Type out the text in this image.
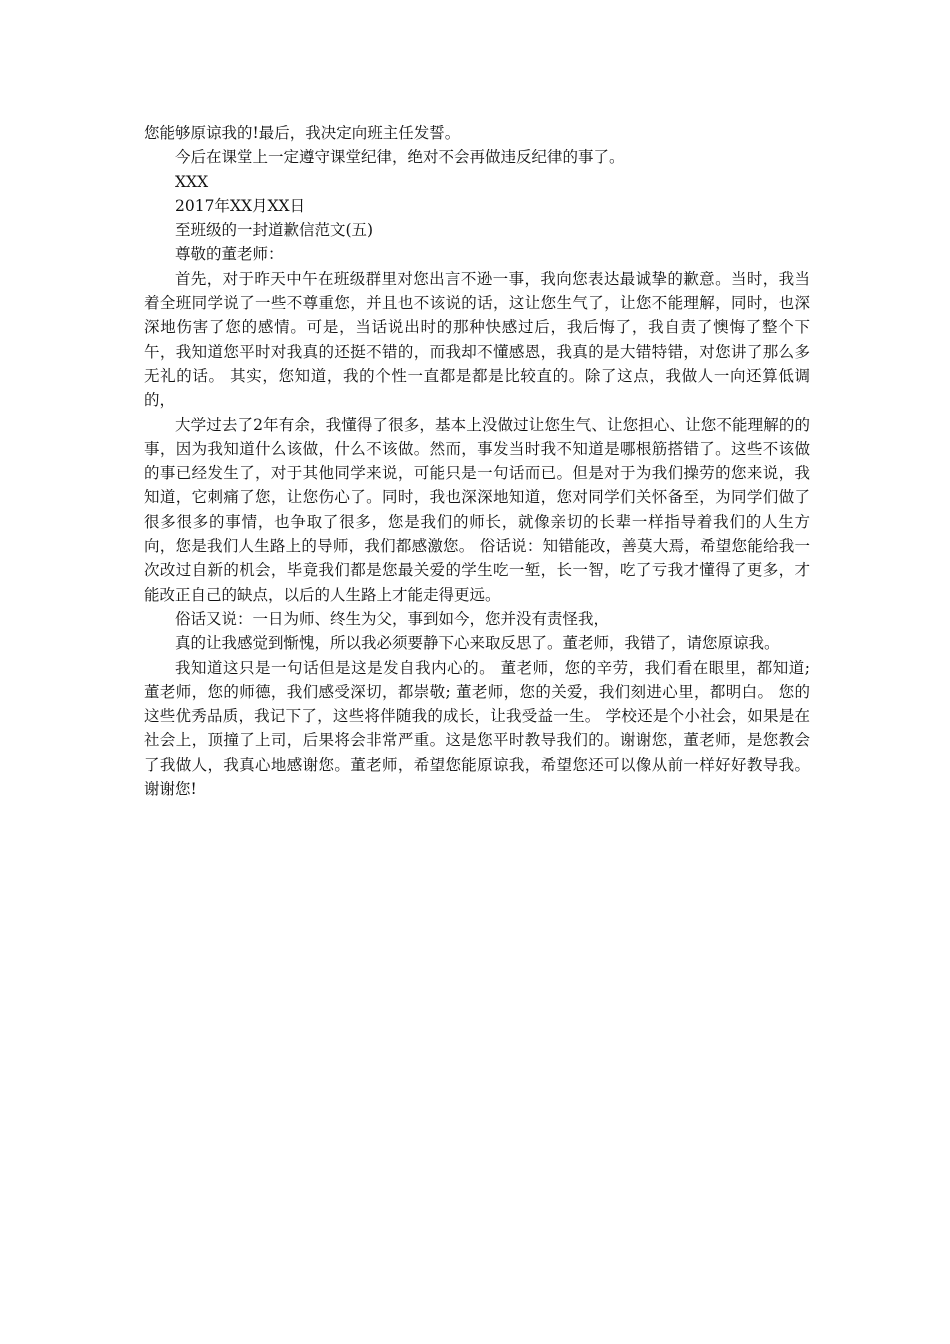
您能够原谅我的!最后，我决定向班主任发誓。

今后在课堂上一定遵守课堂纪律，绝对不会再做违反纪律的事了。

XXX

2017年XX月XX日

至班级的一封道歉信范文(五)

尊敬的董老师：

首先，对于昨天中午在班级群里对您出言不逊一事，我向您表达最诚挚的歉意。当时，我当着全班同学说了一些不尊重您，并且也不该说的话，这让您生气了，让您不能理解，同时，也深深地伤害了您的感情。可是，当话说出时的那种快感过后，我后悔了，我自责了懊悔了整个下午，我知道您平时对我真的还挺不错的，而我却不懂感恩，我真的是大错特错，对您讲了那么多无礼的话。 其实，您知道，我的个性一直都是都是比较直的。除了这点，我做人一向还算低调的，

大学过去了2年有余，我懂得了很多，基本上没做过让您生气、让您担心、让您不能理解的的事，因为我知道什么该做，什么不该做。然而，事发当时我不知道是哪根筋搭错了。这些不该做的事已经发生了，对于其他同学来说，可能只是一句话而已。但是对于为我们操劳的您来说，我知道，它刺痛了您，让您伤心了。同时，我也深深地知道，您对同学们关怀备至，为同学们做了很多很多的事情，也争取了很多，您是我们的师长，就像亲切的长辈一样指导着我们的人生方向，您是我们人生路上的导师，我们都感激您。 俗话说：知错能改，善莫大焉，希望您能给我一次改过自新的机会，毕竟我们都是您最关爱的学生吃一堑，长一智，吃了亏我才懂得了更多，才能改正自己的缺点，以后的人生路上才能走得更远。

俗话又说：一日为师、终生为父，事到如今，您并没有责怪我，

真的让我感觉到惭愧，所以我必须要静下心来取反思了。董老师，我错了，请您原谅我。

我知道这只是一句话但是这是发自我内心的。 董老师，您的辛劳，我们看在眼里，都知道; 董老师，您的师德，我们感受深切，都崇敬; 董老师，您的关爱，我们刻进心里，都明白。 您的这些优秀品质，我记下了，这些将伴随我的成长，让我受益一生。 学校还是个小社会，如果是在社会上，顶撞了上司，后果将会非常严重。这是您平时教导我们的。谢谢您，董老师，是您教会了我做人，我真心地感谢您。董老师，希望您能原谅我，希望您还可以像从前一样好好教导我。 谢谢您!
